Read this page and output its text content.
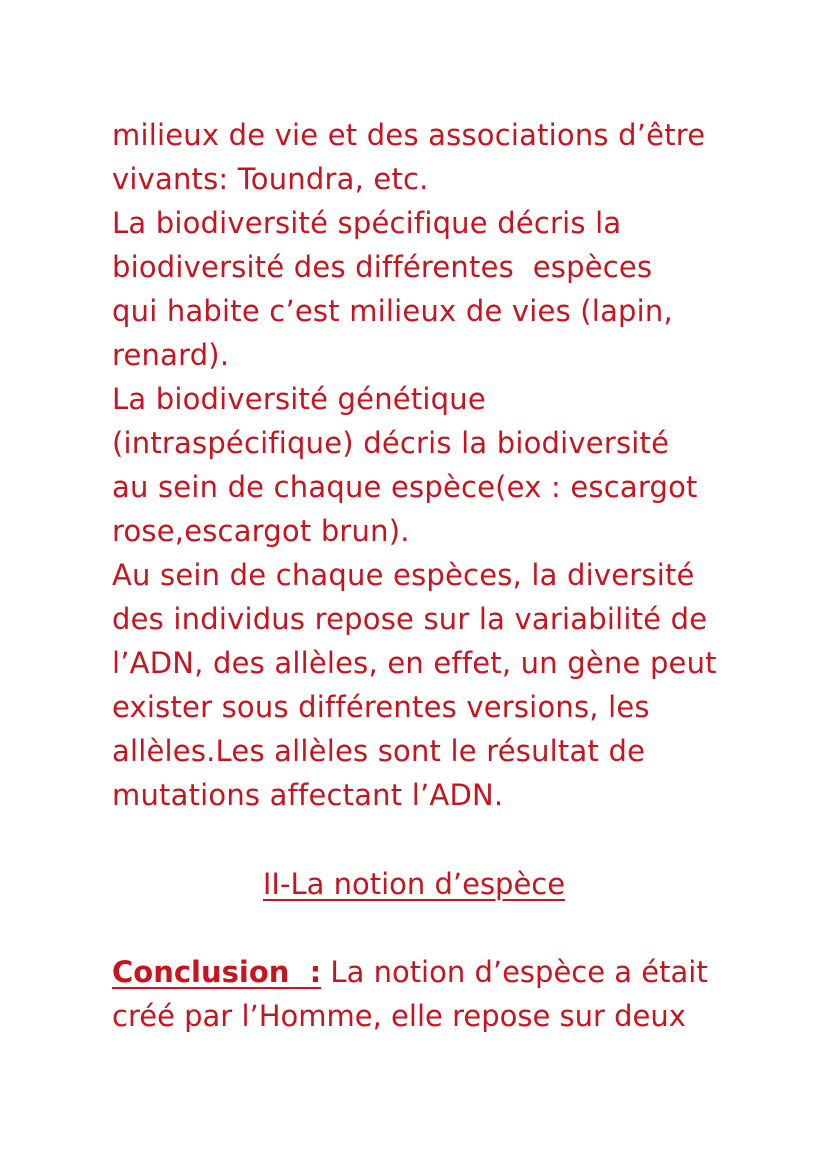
milieux de vie et des associations d’être
vivants: Toundra, etc.
La biodiversité spécifique décris la
biodiversité des différentes  espèces
qui habite c’est milieux de vies (lapin,
renard).
La biodiversité génétique
(intraspécifique) décris la biodiversité
au sein de chaque espèce(ex : escargot
rose,escargot brun).
Au sein de chaque espèces, la diversité
des individus repose sur la variabilité de
l’ADN, des allèles, en effet, un gène peut
exister sous différentes versions, les
allèles.Les allèles sont le résultat de
mutations affectant l’ADN.
II-La notion d’espèce
Conclusion  : La notion d’espèce a était
créé par l’Homme, elle repose sur deux
